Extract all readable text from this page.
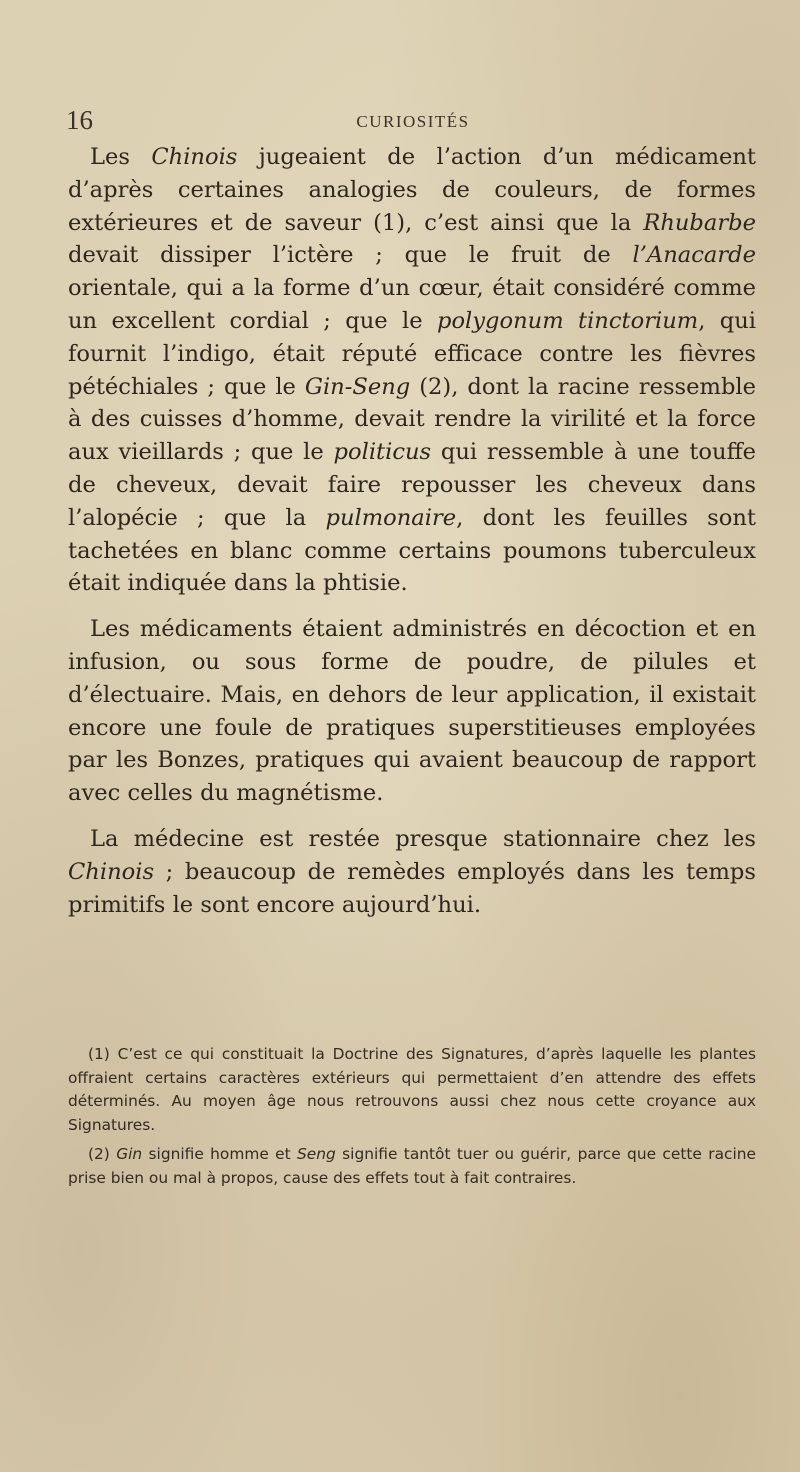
16	CURIOSITÉS

Les Chinois jugeaient de l’action d’un médicament d’après certaines analogies de couleurs, de formes extérieures et de saveur (1), c’est ainsi que la Rhubarbe devait dissiper l’ictère ; que le fruit de l’Anacarde orientale, qui a la forme d’un cœur, était considéré comme un excellent cordial ; que le polygonum tinctorium, qui fournit l’indigo, était réputé efficace contre les fièvres pétéchiales ; que le Gin-Seng (2), dont la racine ressemble à des cuisses d’homme, devait rendre la virilité et la force aux vieillards ; que le politicus qui ressemble à une touffe de cheveux, devait faire repousser les cheveux dans l’alopécie ; que la pulmonaire, dont les feuilles sont tachetées en blanc comme certains poumons tuberculeux était indiquée dans la phtisie.

Les médicaments étaient administrés en décoction et en infusion, ou sous forme de poudre, de pilules et d’électuaire. Mais, en dehors de leur application, il existait encore une foule de pratiques superstitieuses employées par les Bonzes, pratiques qui avaient beaucoup de rapport avec celles du magnétisme.

La médecine est restée presque stationnaire chez les Chinois ; beaucoup de remèdes employés dans les temps primitifs le sont encore aujourd’hui.

(1) C’est ce qui constituait la Doctrine des Signatures, d’après laquelle les plantes offraient certains caractères extérieurs qui permettaient d’en attendre des effets déterminés. Au moyen âge nous retrouvons aussi chez nous cette croyance aux Signatures.

(2) Gin signifie homme et Seng signifie tantôt tuer ou guérir, parce que cette racine prise bien ou mal à propos, cause des effets tout à fait contraires.
